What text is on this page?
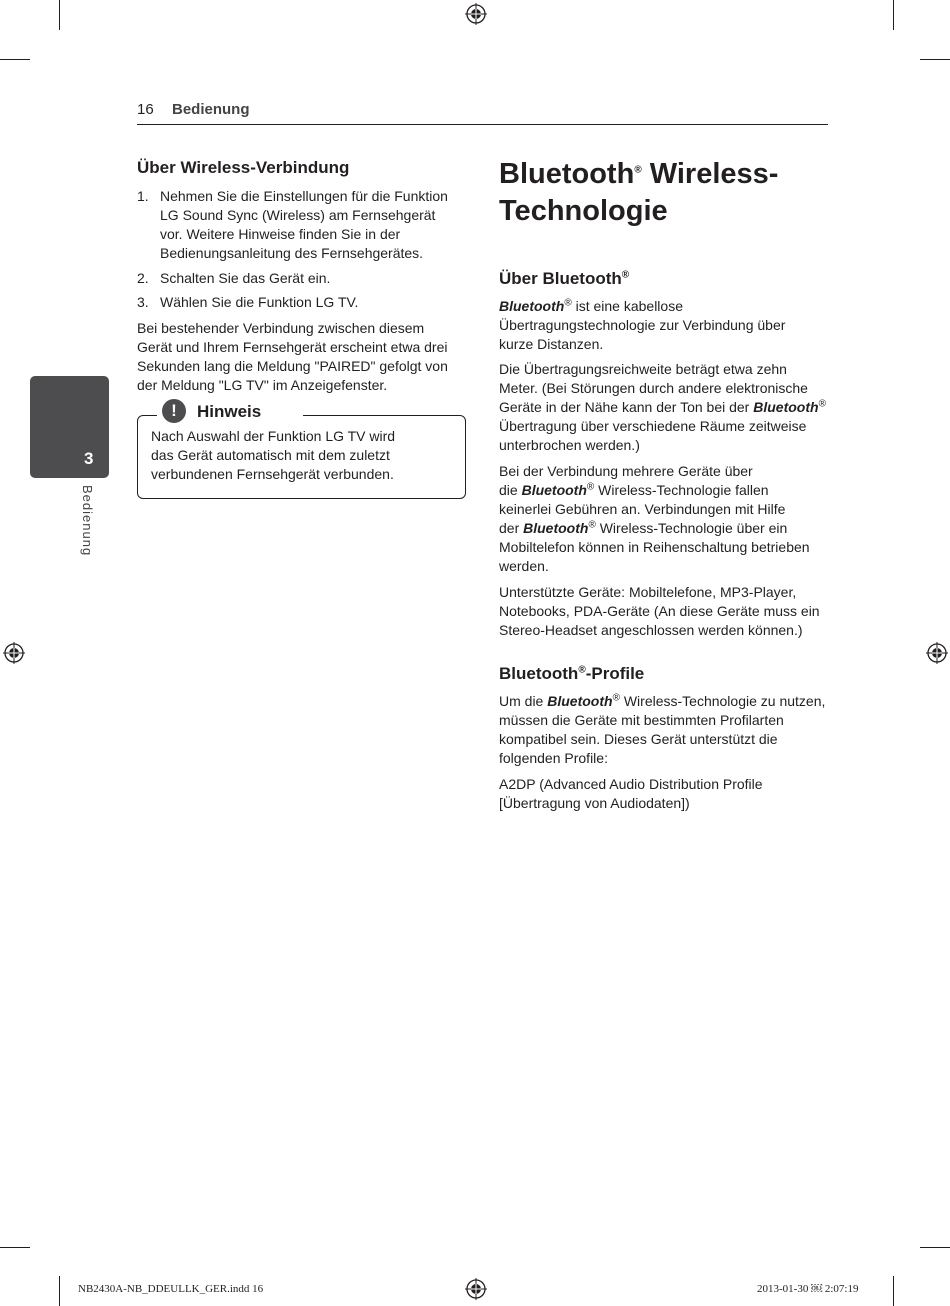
16 Bedienung
3
Bedienung
Über Wireless-Verbindung
1. Nehmen Sie die Einstellungen für die Funktion
LG Sound Sync (Wireless) am Fernsehgerät
vor. Weitere Hinweise finden Sie in der
Bedienungsanleitung des Fernsehgerätes.
2. Schalten Sie das Gerät ein.
3. Wählen Sie die Funktion LG TV.
Bei bestehender Verbindung zwischen diesem
Gerät und Ihrem Fernsehgerät erscheint etwa drei
Sekunden lang die Meldung "PAIRED" gefolgt von
der Meldung "LG TV" im Anzeigefenster.
!	Hinweis
Nach Auswahl der Funktion LG TV wird
das Gerät automatisch mit dem zuletzt
verbundenen Fernsehgerät verbunden.
Bluetooth® Wireless-
Technologie
Über Bluetooth®
Bluetooth® ist eine kabellose
Übertragungstechnologie zur Verbindung über
kurze Distanzen.
Die Übertragungsreichweite beträgt etwa zehn
Meter. (Bei Störungen durch andere elektronische
Geräte in der Nähe kann der Ton bei der Bluetooth®
Übertragung über verschiedene Räume zeitweise
unterbrochen werden.)
Bei der Verbindung mehrere Geräte über
die Bluetooth® Wireless-Technologie fallen
keinerlei Gebühren an. Verbindungen mit Hilfe
der Bluetooth® Wireless-Technologie über ein
Mobiltelefon können in Reihenschaltung betrieben
werden.
Unterstützte Geräte: Mobiltelefone, MP3-Player,
Notebooks, PDA-Geräte (An diese Geräte muss ein
Stereo-Headset angeschlossen werden können.)
Bluetooth®-Profile
Um die Bluetooth® Wireless-Technologie zu nutzen,
müssen die Geräte mit bestimmten Profilarten
kompatibel sein. Dieses Gerät unterstützt die
folgenden Profile:
A2DP (Advanced Audio Distribution Profile
[Übertragung von Audiodaten])
NB2430A-NB_DDEULLK_GER.indd 16	2013-01-30 ￼ 2:07:19
